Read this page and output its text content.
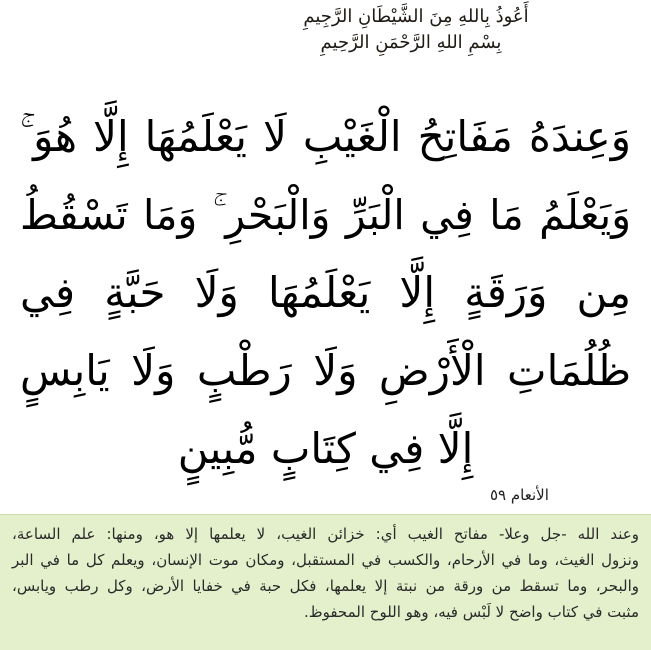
أَعُوذُ بِاللهِ مِنَ الشَّيْطَانِ الرَّجِيمِ
بِسْمِ اللهِ الرَّحْمَنِ الرَّحِيمِ
وَعِندَهُ مَفَاتِحُ الْغَيْبِ لَا يَعْلَمُهَا إِلَّا هُوَ ۚ
وَيَعْلَمُ مَا فِي الْبَرِّ وَالْبَحْرِ ۚ وَمَا تَسْقُطُ
مِن وَرَقَةٍ إِلَّا يَعْلَمُهَا وَلَا حَبَّةٍ فِي
ظُلُمَاتِ الْأَرْضِ وَلَا رَطْبٍ وَلَا يَابِسٍ
إِلَّا فِي كِتَابٍ مُّبِينٍ
الأنعام ٥٩
وعند الله -جل وعلا- مفاتح الغيب أي: خزائن الغيب، لا يعلمها إلا هو، ومنها: علم الساعة،
ونزول الغيث، وما في الأرحام، والكسب في المستقبل، ومكان موت الإنسان، ويعلم كل ما في البر
والبحر، وما تسقط من ورقة من نبتة إلا يعلمها، فكل حبة في خفايا الأرض، وكل رطب ويابس،
مثبت في كتاب واضح لا لَبْس فيه، وهو اللوح المحفوظ.
